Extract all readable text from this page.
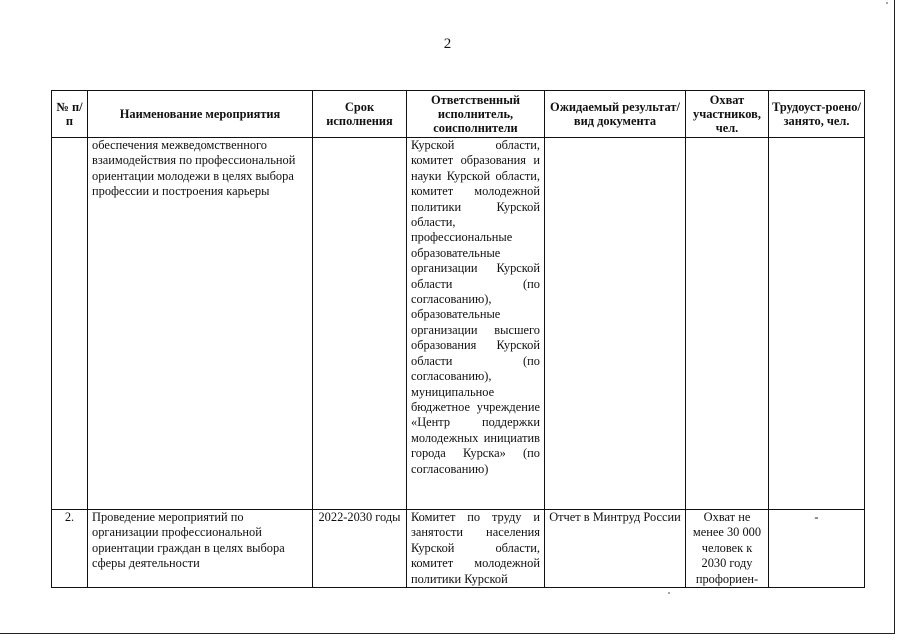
2
№ п/п	Наименование мероприятия	Срок исполнения	Ответственный исполнитель, соисполнители	Ожидаемый результат/вид документа	Охват участников, чел.	Трудоуст-роено/занято, чел.
	обеспечения межведомственного взаимодействия по профессиональной ориентации молодежи в целях выбора профессии и построения карьеры		Курской области, комитет образования и науки Курской области, комитет молодежной политики Курской области, профессиональные образовательные организации Курской области (по согласованию), образовательные организации высшего образования Курской области (по согласованию), муниципальное бюджетное учреждение «Центр поддержки молодежных инициатив города Курска» (по согласованию)			
2.	Проведение мероприятий по организации профессиональной ориентации граждан в целях выбора сферы деятельности	2022-2030 годы	Комитет по труду и занятости населения Курской области, комитет молодежной политики Курской	Отчет в Минтруд России	Охват не менее 30 000 человек к 2030 году профориен-	-
